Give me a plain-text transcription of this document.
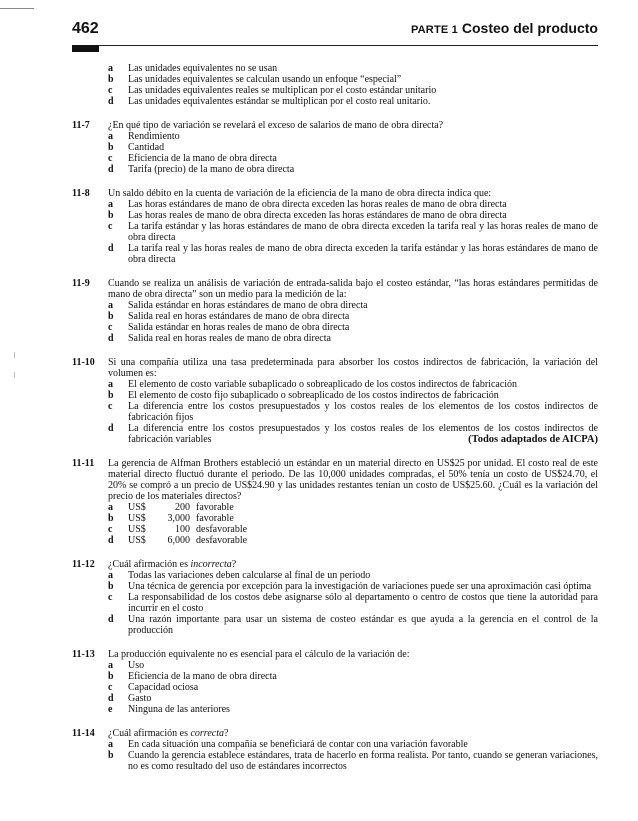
462	PARTE 1 Costeo del producto
a	Las unidades equivalentes no se usan
b	Las unidades equivalentes se calculan usando un enfoque “especial”
c	Las unidades equivalentes reales se multiplican por el costo estándar unitario
d	Las unidades equivalentes estándar se multiplican por el costo real unitario.
11-7	¿En qué tipo de variación se revelará el exceso de salarios de mano de obra directa?
a	Rendimiento
b	Cantidad
c	Eficiencia de la mano de obra directa
d	Tarifa (precio) de la mano de obra directa
11-8	Un saldo débito en la cuenta de variación de la eficiencia de la mano de obra directa indica que:
a	Las horas estándares de mano de obra directa exceden las horas reales de mano de obra directa
b	Las horas reales de mano de obra directa exceden las horas estándares de mano de obra directa
c	La tarifa estándar y las horas estándares de mano de obra directa exceden la tarifa real y las horas reales de mano de obra directa
d	La tarifa real y las horas reales de mano de obra directa exceden la tarifa estándar y las horas estándares de mano de obra directa
11-9	Cuando se realiza un análisis de variación de entrada-salida bajo el costeo estándar, “las horas estándares permitidas de mano de obra directa” son un medio para la medición de la:
a	Salida estándar en horas estándares de mano de obra directa
b	Salida real en horas estándares de mano de obra directa
c	Salida estándar en horas reales de mano de obra directa
d	Salida real en horas reales de mano de obra directa
11-10	Si una compañía utiliza una tasa predeterminada para absorber los costos indirectos de fabricación, la variación del volumen es:
a	El elemento de costo variable subaplicado o sobreaplicado de los costos indirectos de fabricación
b	El elemento de costo fijo subaplicado o sobreaplicado de los costos indirectos de fabricación
c	La diferencia entre los costos presupuestados y los costos reales de los elementos de los costos indirectos de fabricación fijos
d	La diferencia entre los costos presupuestados y los costos reales de los elementos de los costos indirectos de fabricación variables	(Todos adaptados de AICPA)
11-11	La gerencia de Alfman Brothers estableció un estándar en un material directo en US$25 por unidad. El costo real de este material directo fluctuó durante el periodo. De las 10,000 unidades compradas, el 50% tenía un costo de US$24.70, el 20% se compró a un precio de US$24.90 y las unidades restantes tenían un costo de US$25.60. ¿Cuál es la variación del precio de los materiales directos?
a	US$	200 favorable
b	US$ 3,000 favorable
c	US$	100 desfavorable
d	US$ 6,000 desfavorable
11-12	¿Cuál afirmación es incorrecta?
a	Todas las variaciones deben calcularse al final de un periodo
b	Una técnica de gerencia por excepción para la investigación de variaciones puede ser una aproximación casi óptima
c	La responsabilidad de los costos debe asignarse sólo al departamento o centro de costos que tiene la autoridad para incurrir en el costo
d	Una razón importante para usar un sistema de costeo estándar es que ayuda a la gerencia en el control de la producción
11-13	La producción equivalente no es esencial para el cálculo de la variación de:
a	Uso
b	Eficiencia de la mano de obra directa
c	Capacidad ociosa
d	Gasto
e	Ninguna de las anteriores
11-14	¿Cuál afirmación es correcta?
a	En cada situación una compañía se beneficiará de contar con una variación favorable
b	Cuando la gerencia establece estándares, trata de hacerlo en forma realista. Por tanto, cuando se generan variaciones, no es como resultado del uso de estándares incorrectos
